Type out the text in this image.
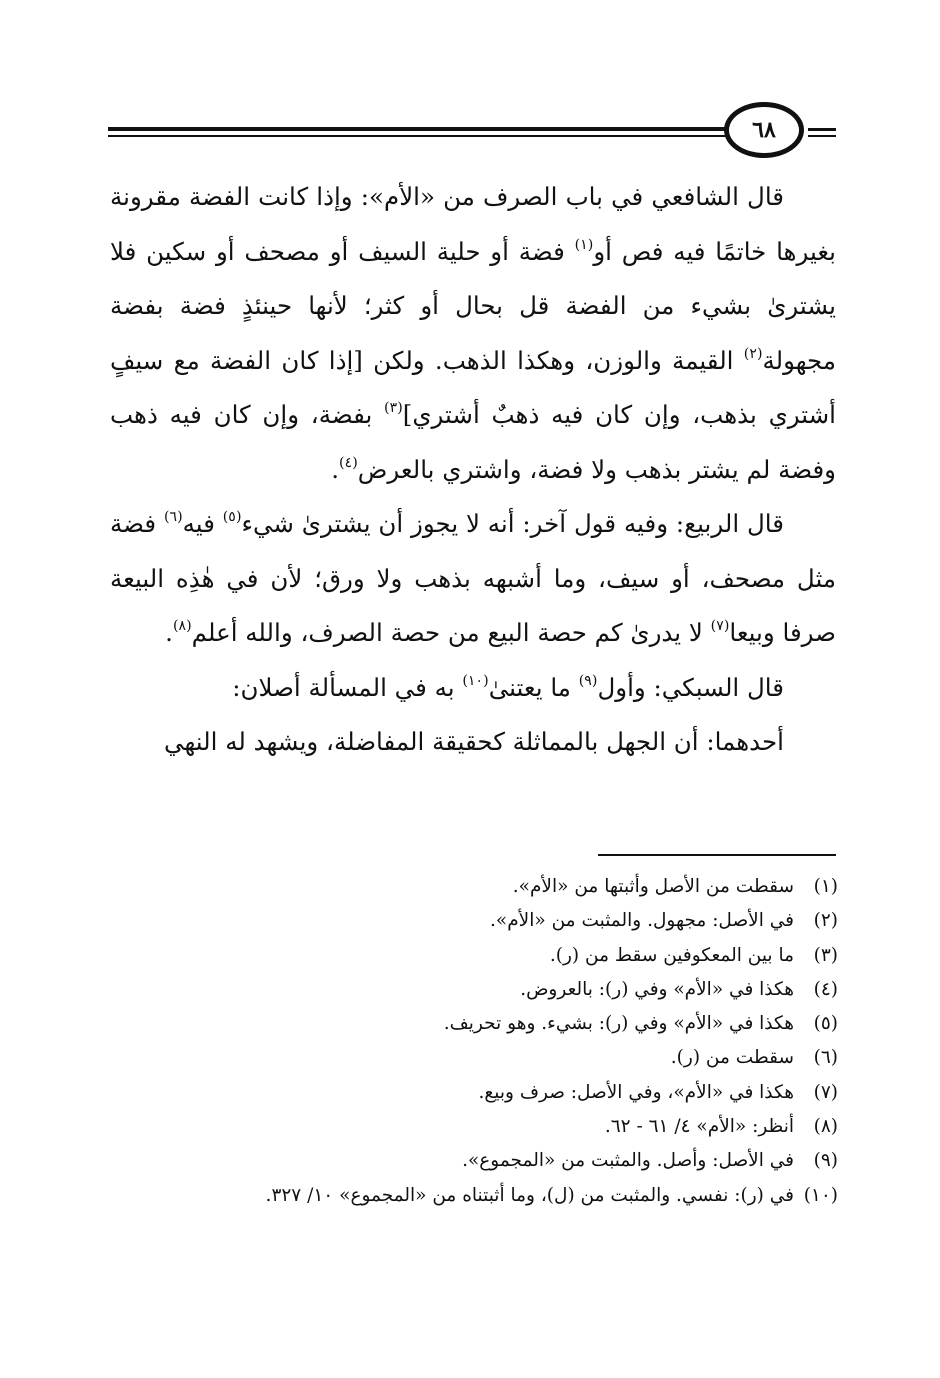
٦٨

قال الشافعي في باب الصرف من «الأم»: وإذا كانت الفضة مقرونة بغيرها خاتمًا فيه فص أو$^{(١)}$ فضة أو حلية السيف أو مصحف أو سكين فلا يشترىٰ بشيء من الفضة قل بحال أو كثر؛ لأنها حينئذٍ فضة بفضة مجهولة$^{(٢)}$ القيمة والوزن، وهكذا الذهب. ولكن [إذا كان الفضة مع سيفٍ أشتري بذهب، وإن كان فيه ذهبٌ أشتري]$^{(٣)}$ بفضة، وإن كان فيه ذهب وفضة لم يشتر بذهب ولا فضة، واشتري بالعرض$^{(٤)}$.

قال الربيع: وفيه قول آخر: أنه لا يجوز أن يشترىٰ شيء$^{(٥)}$ فيه$^{(٦)}$ فضة مثل مصحف، أو سيف، وما أشبهه بذهب ولا ورق؛ لأن في هٰذِه البيعة صرفا وبيعا$^{(٧)}$ لا يدرىٰ كم حصة البيع من حصة الصرف، والله أعلم$^{(٨)}$.

قال السبكي: وأول$^{(٩)}$ ما يعتنىٰ$^{(١٠)}$ به في المسألة أصلان:

أحدهما: أن الجهل بالمماثلة كحقيقة المفاضلة، ويشهد له النهي

(١)سقطت من الأصل وأثبتها من «الأم».
(٢)في الأصل: مجهول. والمثبت من «الأم».
(٣)ما بين المعكوفين سقط من (ر).
(٤)هكذا في «الأم» وفي (ر): بالعروض.
(٥)هكذا في «الأم» وفي (ر): بشيء. وهو تحريف.
(٦)سقطت من (ر).
(٧)هكذا في «الأم»، وفي الأصل: صرف وبيع.
(٨)أنظر: «الأم» ٤/ ٦١ - ٦٢.
(٩)في الأصل: وأصل. والمثبت من «المجموع».
(١٠)في (ر): نفسي. والمثبت من (ل)، وما أثبتناه من «المجموع» ١٠/ ٣٢٧.
